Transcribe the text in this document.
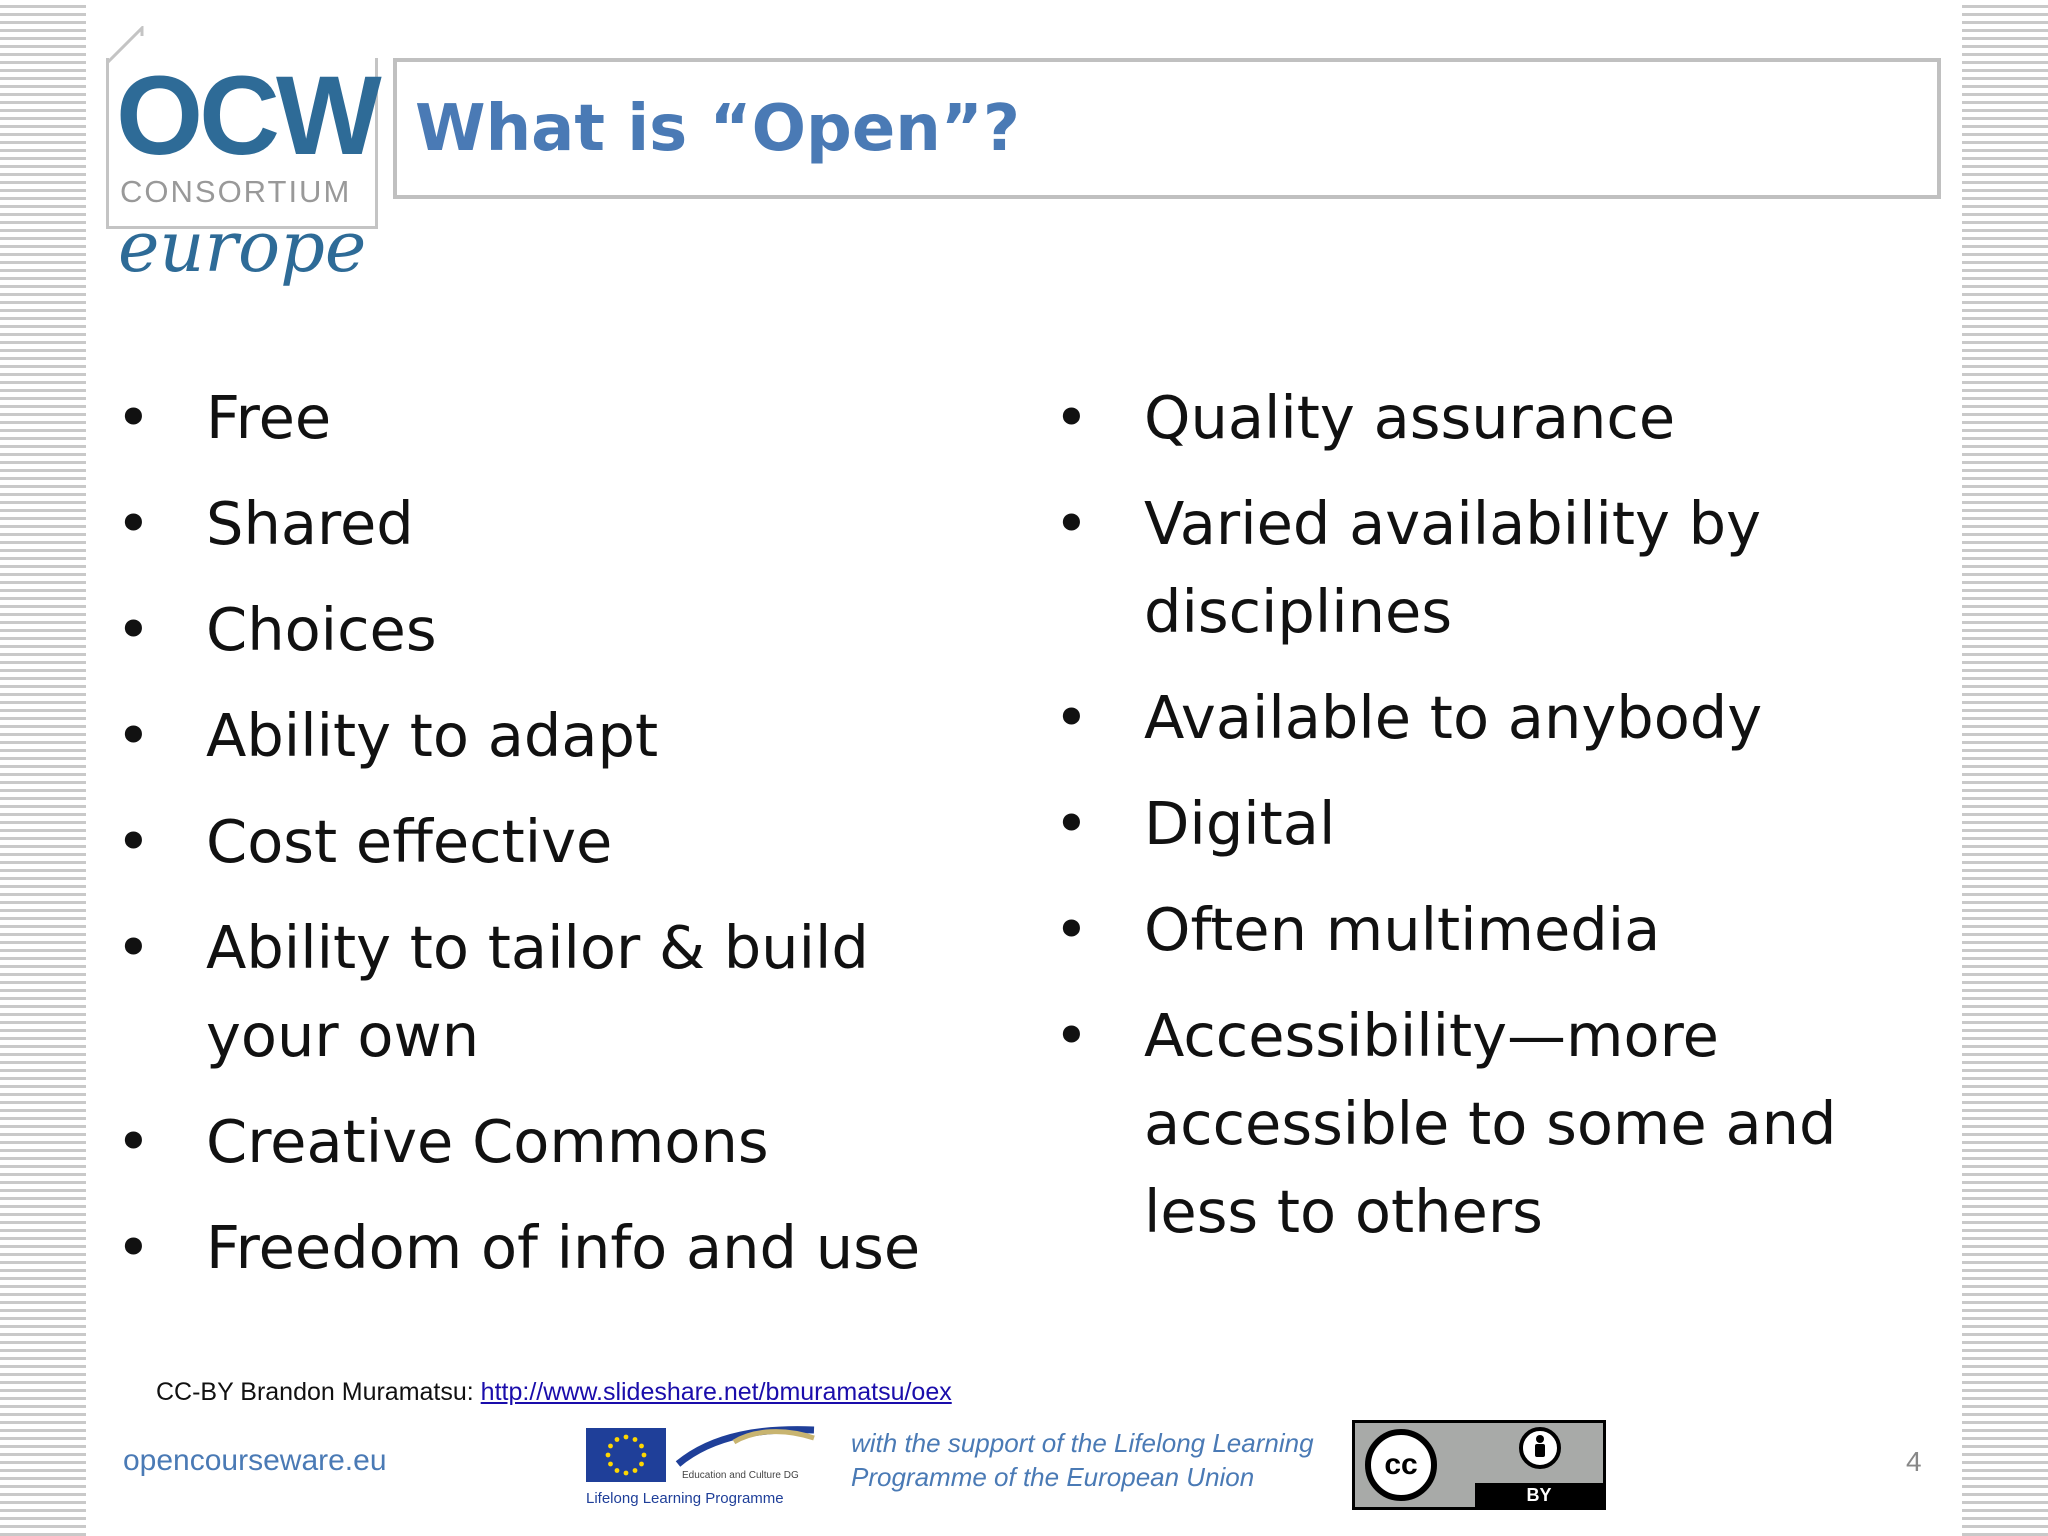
OCW
CONSORTIUM
europe
What is “Open”?
• Free
• Shared
• Choices
• Ability to adapt
• Cost effective
• Ability to tailor & build your own
• Creative Commons
• Freedom of info and use
• Quality assurance
• Varied availability by disciplines
• Available to anybody
• Digital
• Often multimedia
• Accessibility—more accessible to some and less to others
CC-BY Brandon Muramatsu: http://www.slideshare.net/bmuramatsu/oex
opencourseware.eu	Education and Culture DG
Lifelong Learning Programme
with the support of the Lifelong Learning
Programme of the European Union	cc
BY
4
